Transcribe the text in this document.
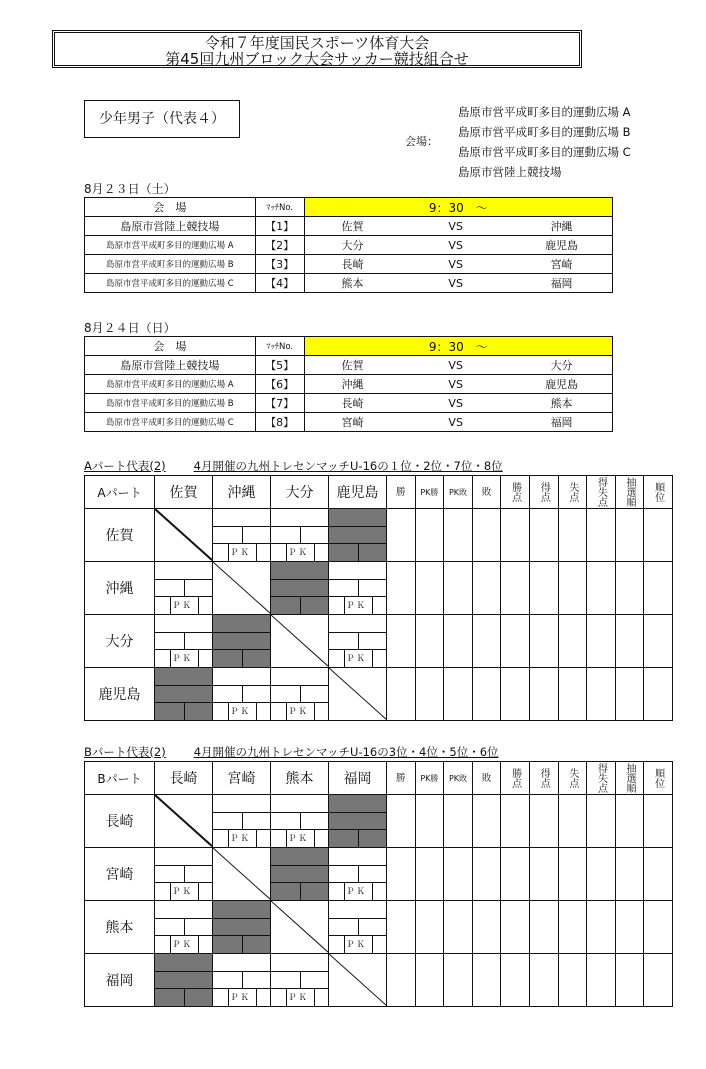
令和７年度国民スポーツ体育大会
第45回九州ブロック大会サッカー競技組合せ
少年男子（代表４）
会場：
島原市営平成町多目的運動広場 A
島原市営平成町多目的運動広場 B
島原市営平成町多目的運動広場 C
島原市営陸上競技場
8月２３日（土）
会　場	ﾏｯﾁNo.	9：30　～		
島原市営陸上競技場	【1】	佐賀	VS	沖縄
島原市営平成町多目的運動広場 A	【2】	大分	VS	鹿児島
島原市営平成町多目的運動広場 B	【3】	長崎	VS	宮崎
島原市営平成町多目的運動広場 C	【4】	熊本	VS	福岡
8月２４日（日）
会　場	ﾏｯﾁNo.	9：30　～		
島原市営陸上競技場	【5】	佐賀	VS	大分
島原市営平成町多目的運動広場 A	【6】	沖縄	VS	鹿児島
島原市営平成町多目的運動広場 B	【7】	長崎	VS	熊本
島原市営平成町多目的運動広場 C	【8】	宮崎	VS	福岡
Aパート代表(2) 4月開催の九州トレセンマッチU-16の１位・2位・7位・8位
Aパート	佐賀	沖縄	大分	鹿児島	勝	PK勝	PK敗	敗	勝点	得点	失点	得失点	抽選順	順位
佐賀		ＰＫ	ＰＫ											

沖縄	ＰＫ			ＰＫ										

大分	ＰＫ			ＰＫ										

鹿児島		ＰＫ	ＰＫ

Bパート代表(2) 4月開催の九州トレセンマッチU-16の3位・4位・5位・6位
Bパート	長崎	宮崎	熊本	福岡	勝	PK勝	PK敗	敗	勝点	得点	失点	得失点	抽選順	順位
長崎		ＰＫ	ＰＫ											

宮崎	ＰＫ			ＰＫ										

熊本	ＰＫ			ＰＫ										

福岡		ＰＫ	ＰＫ
